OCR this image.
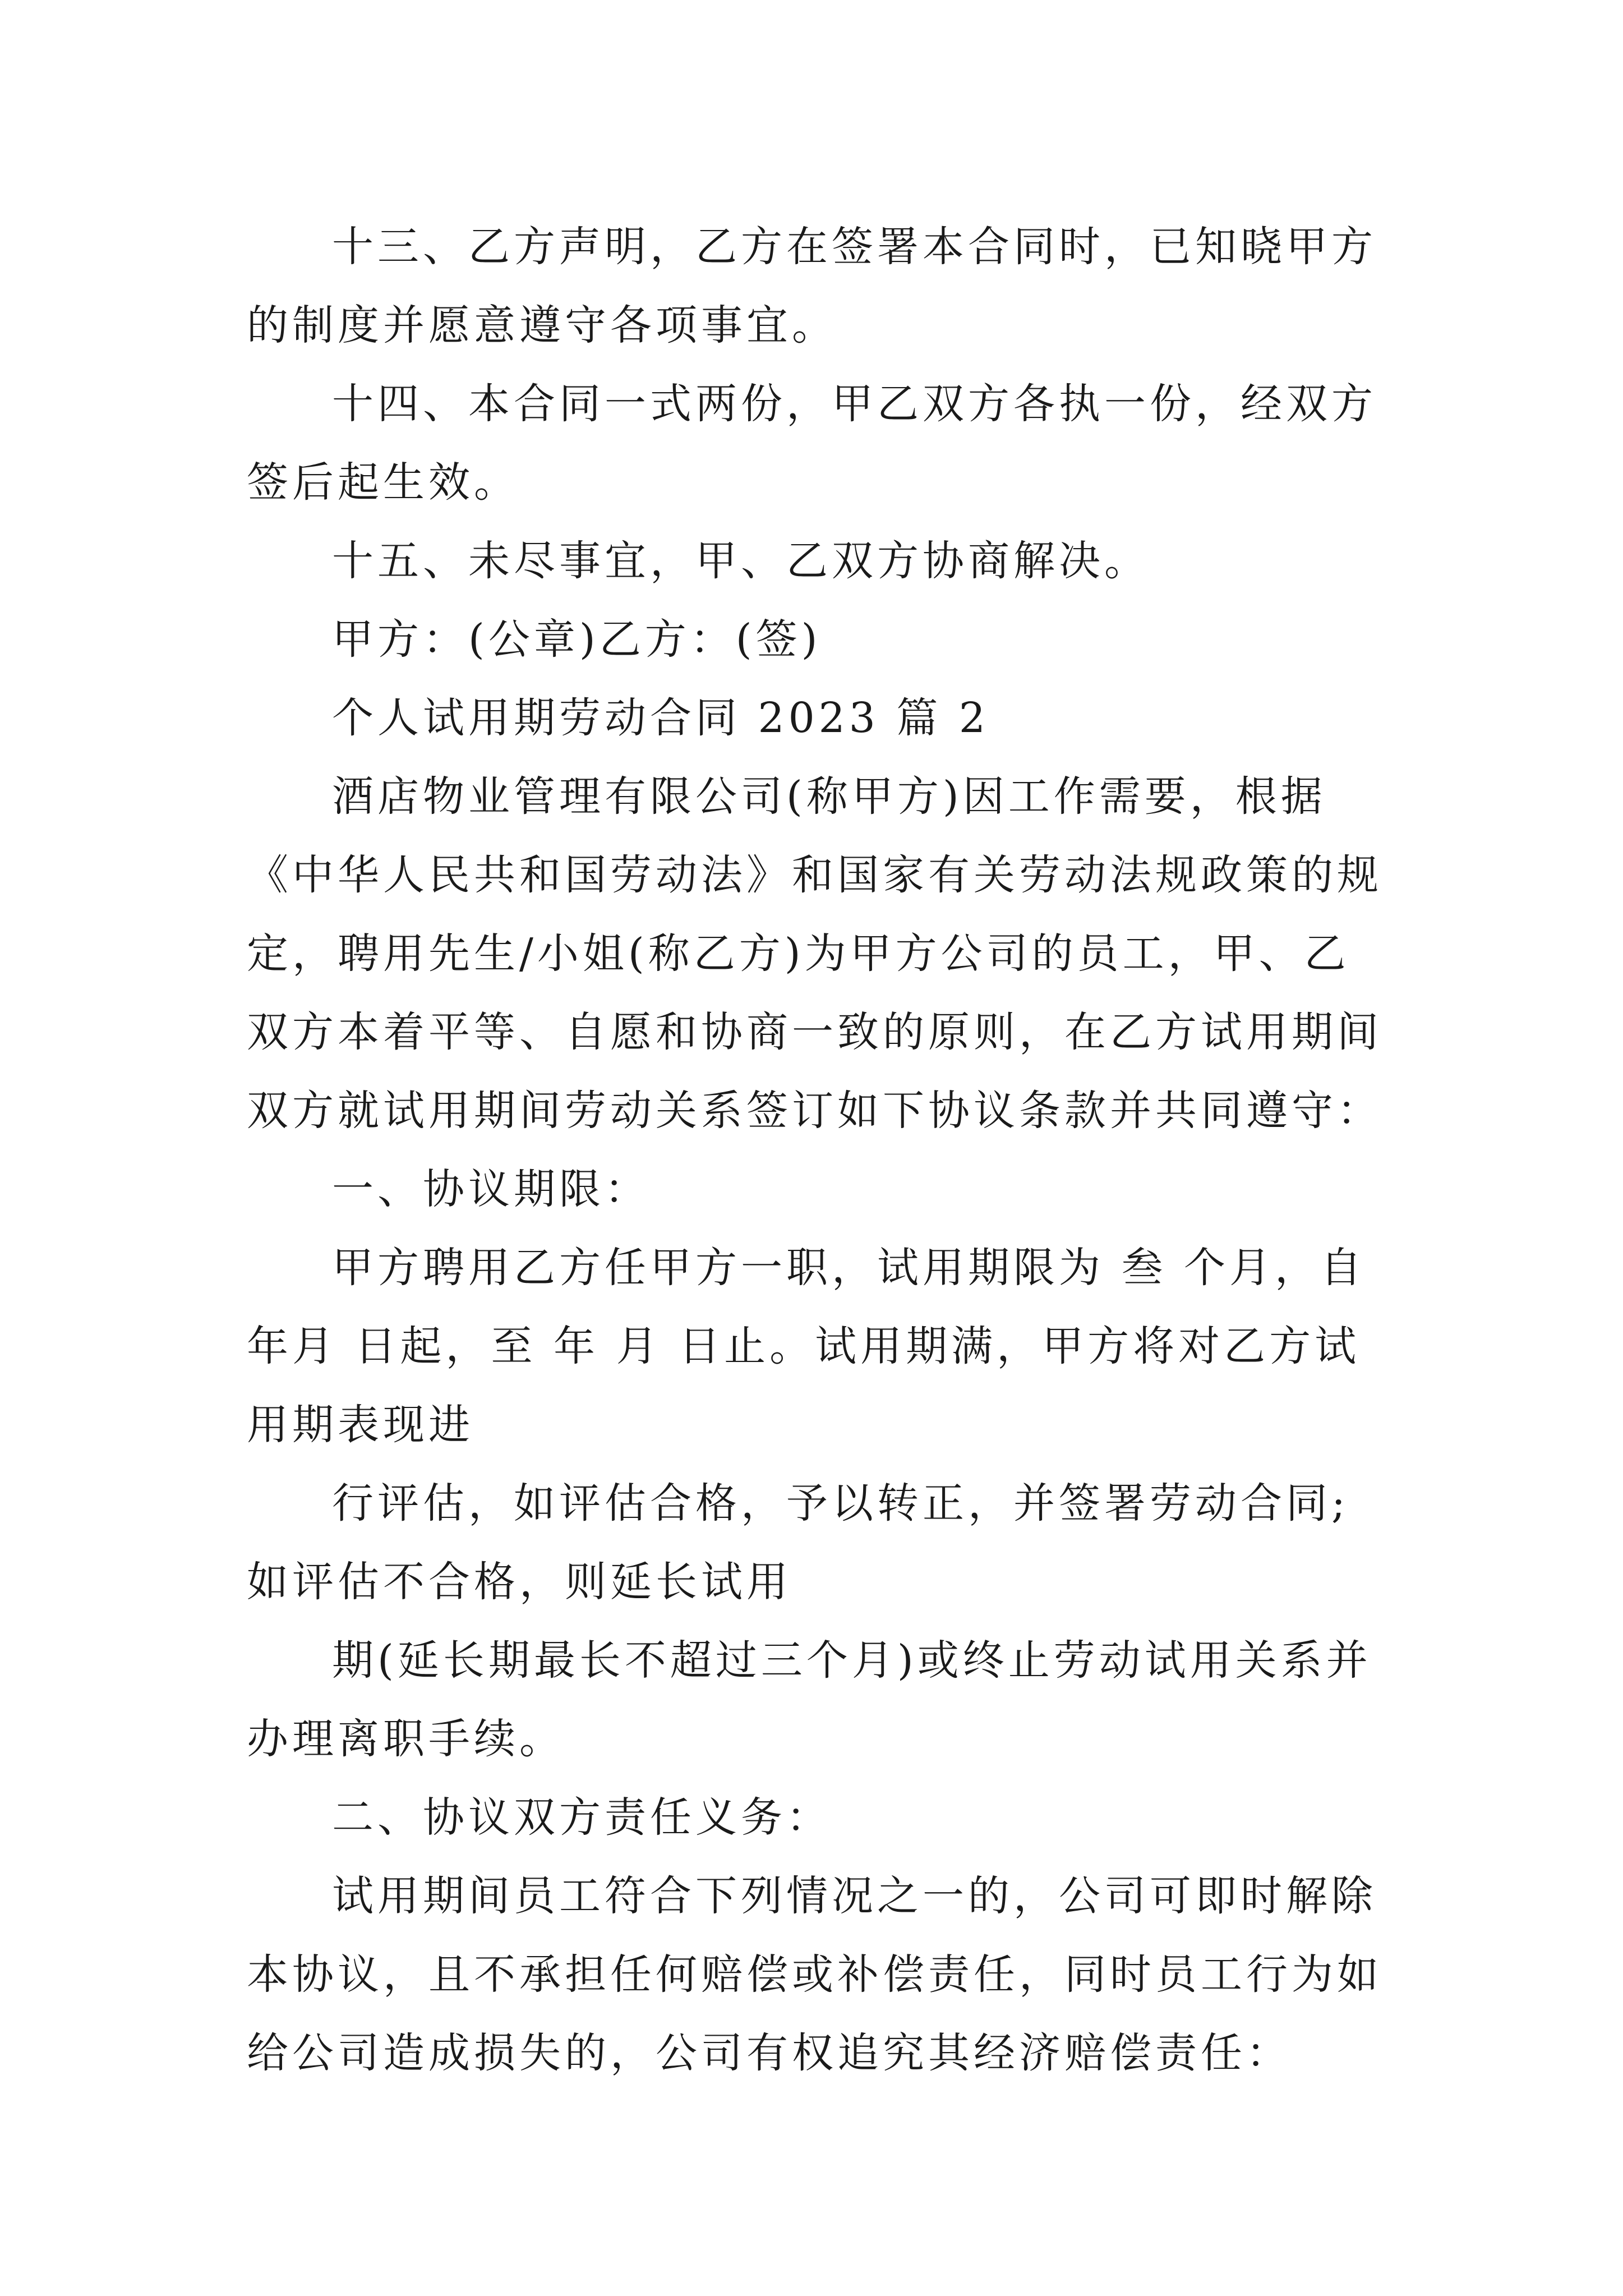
十三、乙方声明，乙方在签署本合同时，已知晓甲方的制度并愿意遵守各项事宜。

十四、本合同一式两份，甲乙双方各执一份，经双方签后起生效。

十五、未尽事宜，甲、乙双方协商解决。

甲方：(公章)乙方：(签)

个人试用期劳动合同 2023 篇 2

酒店物业管理有限公司(称甲方)因工作需要，根据《中华人民共和国劳动法》和国家有关劳动法规政策的规定，聘用先生/小姐(称乙方)为甲方公司的员工，甲、乙双方本着平等、自愿和协商一致的原则，在乙方试用期间双方就试用期间劳动关系签订如下协议条款并共同遵守：

一、协议期限：

甲方聘用乙方任甲方一职，试用期限为 叁 个月，自年月 日起，至 年 月 日止。试用期满，甲方将对乙方试用期表现进

行评估，如评估合格，予以转正，并签署劳动合同;如评估不合格，则延长试用

期(延长期最长不超过三个月)或终止劳动试用关系并办理离职手续。

二、协议双方责任义务：

试用期间员工符合下列情况之一的，公司可即时解除本协议，且不承担任何赔偿或补偿责任，同时员工行为如给公司造成损失的，公司有权追究其经济赔偿责任：
